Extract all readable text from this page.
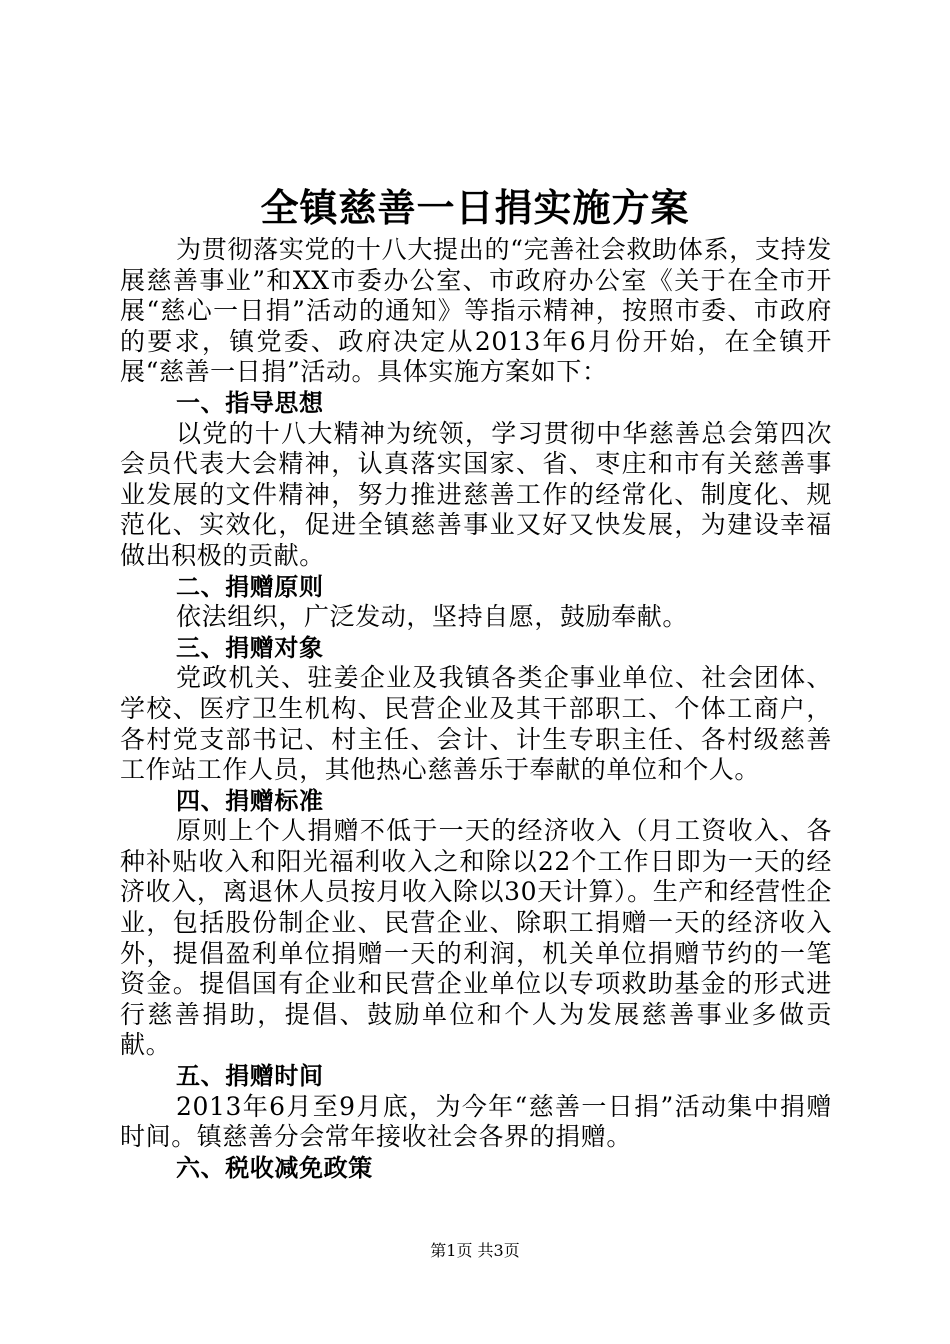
全镇慈善一日捐实施方案

为贯彻落实党的十八大提出的“完善社会救助体系，支持发展慈善事业”和XX市委办公室、市政府办公室《关于在全市开展“慈心一日捐”活动的通知》等指示精神，按照市委、市政府的要求，镇党委、政府决定从2013年6月份开始，在全镇开展“慈善一日捐”活动。具体实施方案如下：

一、指导思想

以党的十八大精神为统领，学习贯彻中华慈善总会第四次会员代表大会精神，认真落实国家、省、枣庄和市有关慈善事业发展的文件精神，努力推进慈善工作的经常化、制度化、规范化、实效化，促进全镇慈善事业又好又快发展，为建设幸福做出积极的贡献。

二、捐赠原则

依法组织，广泛发动，坚持自愿，鼓励奉献。

三、捐赠对象

党政机关、驻姜企业及我镇各类企事业单位、社会团体、学校、医疗卫生机构、民营企业及其干部职工、个体工商户，各村党支部书记、村主任、会计、计生专职主任、各村级慈善工作站工作人员，其他热心慈善乐于奉献的单位和个人。

四、捐赠标准

原则上个人捐赠不低于一天的经济收入（月工资收入、各种补贴收入和阳光福利收入之和除以22个工作日即为一天的经济收入，离退休人员按月收入除以30天计算）。生产和经营性企业，包括股份制企业、民营企业、除职工捐赠一天的经济收入外，提倡盈利单位捐赠一天的利润，机关单位捐赠节约的一笔资金。提倡国有企业和民营企业单位以专项救助基金的形式进行慈善捐助，提倡、鼓励单位和个人为发展慈善事业多做贡献。

五、捐赠时间

2013年6月至9月底，为今年“慈善一日捐”活动集中捐赠时间。镇慈善分会常年接收社会各界的捐赠。

六、税收减免政策

第1页 共3页
